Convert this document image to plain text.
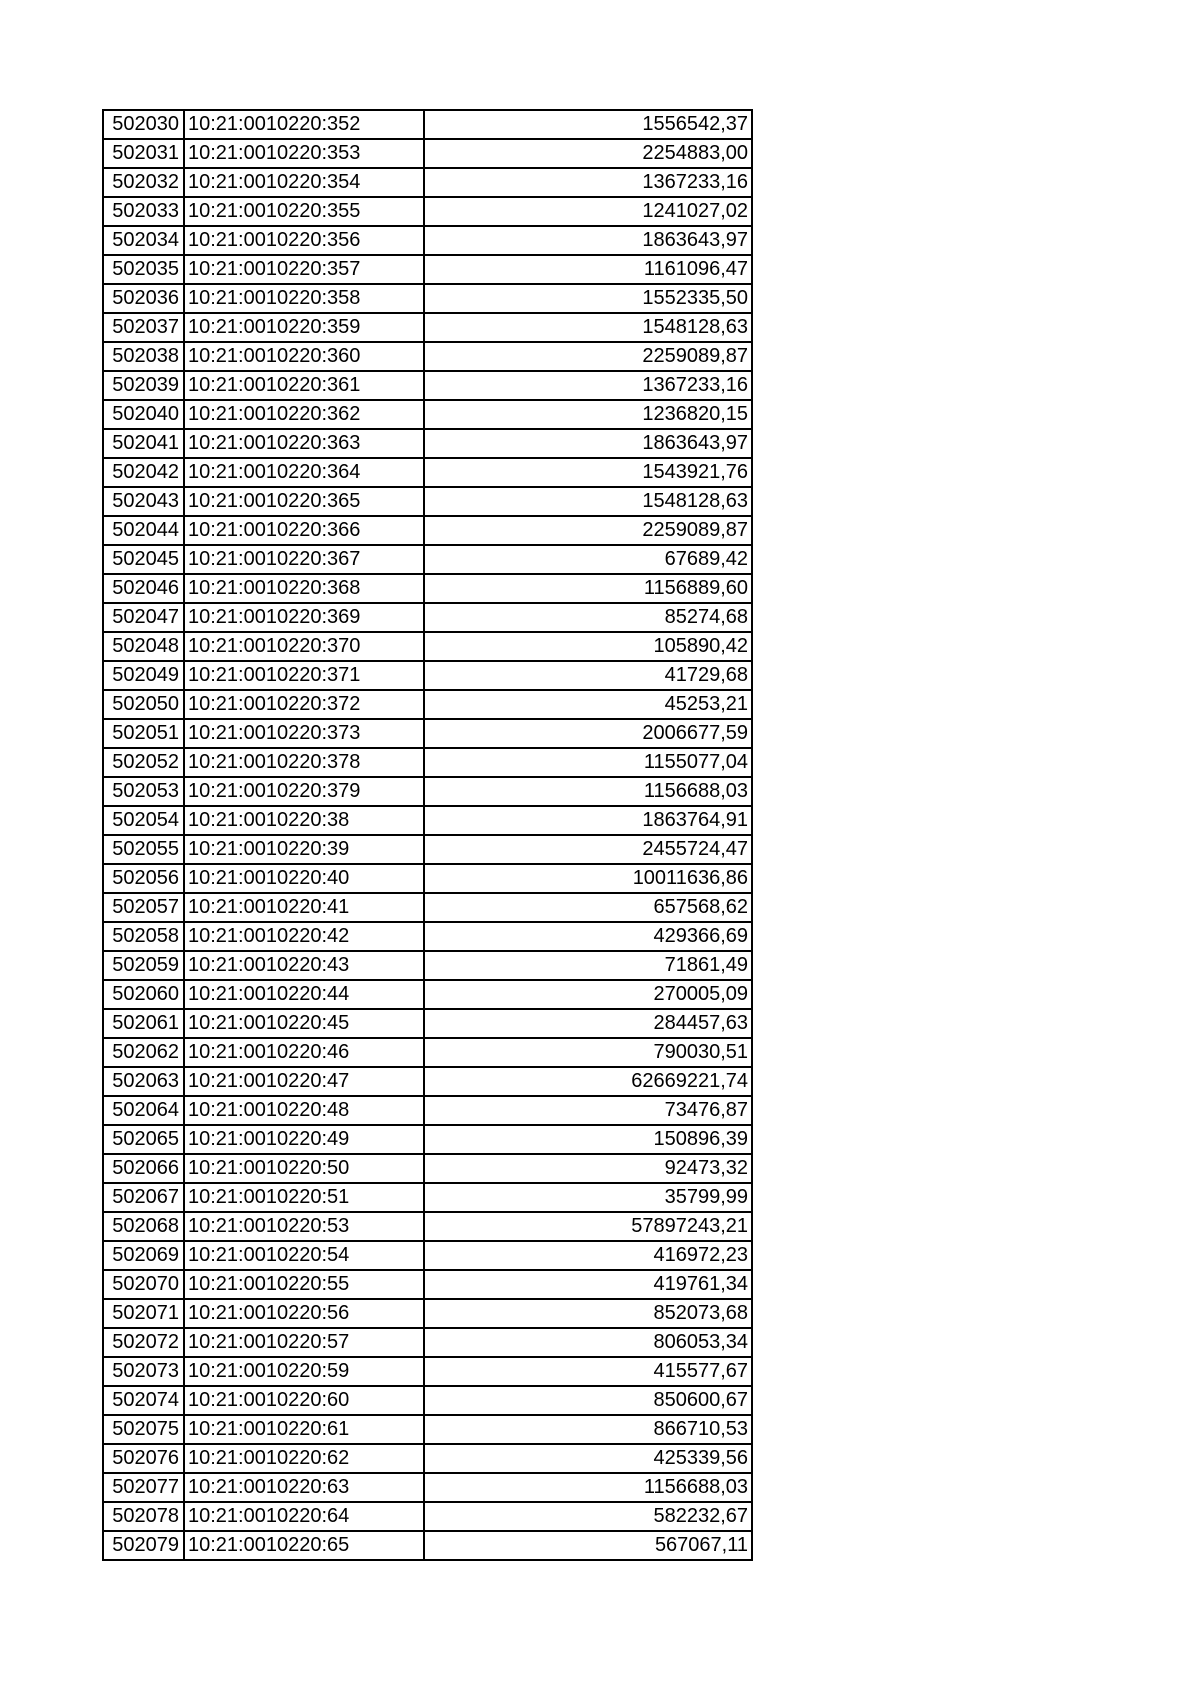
502030	10:21:0010220:352	1556542,37
502031	10:21:0010220:353	2254883,00
502032	10:21:0010220:354	1367233,16
502033	10:21:0010220:355	1241027,02
502034	10:21:0010220:356	1863643,97
502035	10:21:0010220:357	1161096,47
502036	10:21:0010220:358	1552335,50
502037	10:21:0010220:359	1548128,63
502038	10:21:0010220:360	2259089,87
502039	10:21:0010220:361	1367233,16
502040	10:21:0010220:362	1236820,15
502041	10:21:0010220:363	1863643,97
502042	10:21:0010220:364	1543921,76
502043	10:21:0010220:365	1548128,63
502044	10:21:0010220:366	2259089,87
502045	10:21:0010220:367	67689,42
502046	10:21:0010220:368	1156889,60
502047	10:21:0010220:369	85274,68
502048	10:21:0010220:370	105890,42
502049	10:21:0010220:371	41729,68
502050	10:21:0010220:372	45253,21
502051	10:21:0010220:373	2006677,59
502052	10:21:0010220:378	1155077,04
502053	10:21:0010220:379	1156688,03
502054	10:21:0010220:38	1863764,91
502055	10:21:0010220:39	2455724,47
502056	10:21:0010220:40	10011636,86
502057	10:21:0010220:41	657568,62
502058	10:21:0010220:42	429366,69
502059	10:21:0010220:43	71861,49
502060	10:21:0010220:44	270005,09
502061	10:21:0010220:45	284457,63
502062	10:21:0010220:46	790030,51
502063	10:21:0010220:47	62669221,74
502064	10:21:0010220:48	73476,87
502065	10:21:0010220:49	150896,39
502066	10:21:0010220:50	92473,32
502067	10:21:0010220:51	35799,99
502068	10:21:0010220:53	57897243,21
502069	10:21:0010220:54	416972,23
502070	10:21:0010220:55	419761,34
502071	10:21:0010220:56	852073,68
502072	10:21:0010220:57	806053,34
502073	10:21:0010220:59	415577,67
502074	10:21:0010220:60	850600,67
502075	10:21:0010220:61	866710,53
502076	10:21:0010220:62	425339,56
502077	10:21:0010220:63	1156688,03
502078	10:21:0010220:64	582232,67
502079	10:21:0010220:65	567067,11
